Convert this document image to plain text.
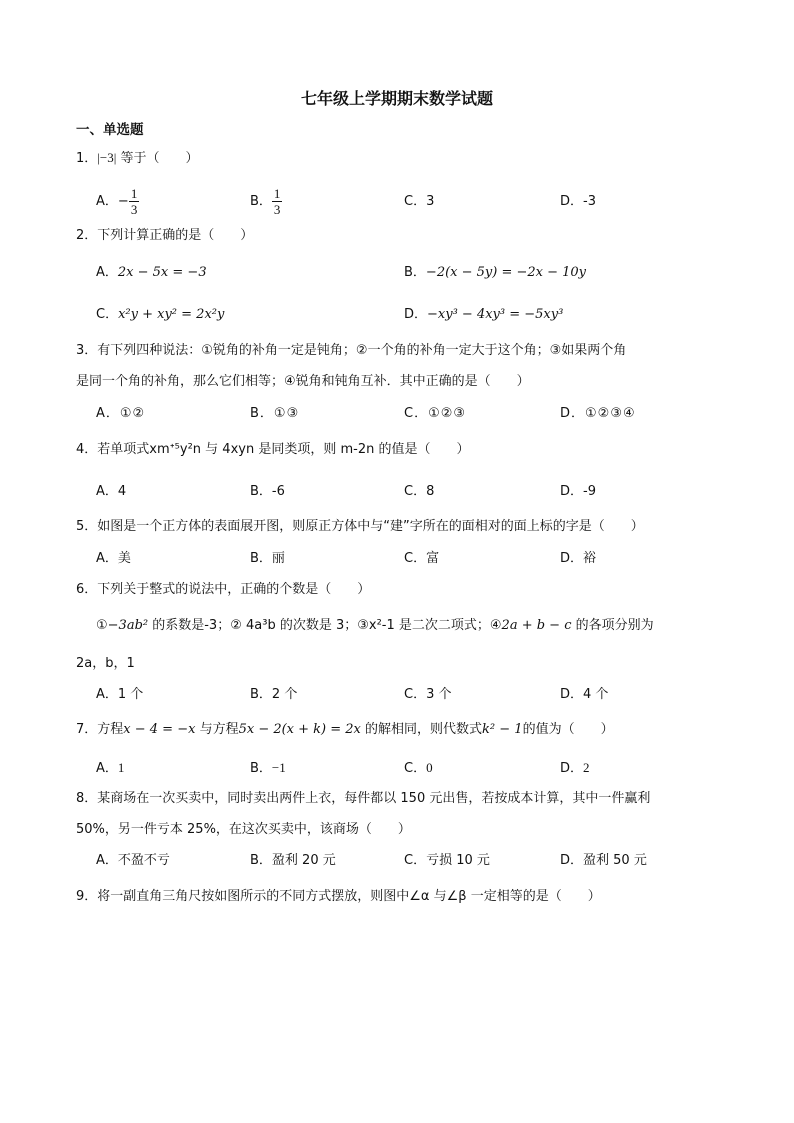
七年级上学期期末数学试题
一、单选题
1．|−3| 等于（　　）
A．− $\frac{1}{3}$	B． $\frac{1}{3}$	C．3	D．-3
2．下列计算正确的是（　　）
A．2x − 5x = −3	B．−2(x − 5y) = −2x − 10y
C．x²y + xy² = 2x²y	D．−xy³ − 4xy³ = −5xy³
3．有下列四种说法：①锐角的补角一定是钝角；②一个角的补角一定大于这个角；③如果两个角
是同一个角的补角，那么它们相等；④锐角和钝角互补．其中正确的是（　　）
A．①②	B．①③	C．①②③	D．①②③④
4．若单项式xmᐩ⁵y²n 与 4xyn 是同类项，则 m-2n 的值是（　　）
A．4	B．-6	C．8	D．-9
5．如图是一个正方体的表面展开图，则原正方体中与“建”字所在的面相对的面上标的字是（　　）
A．美	B．丽	C．富	D．裕
6．下列关于整式的说法中，正确的个数是（　　）
①−3ab² 的系数是-3；② 4a³b 的次数是 3；③x²-1 是二次二项式；④2a + b − c 的各项分别为
2a，b，1
A．1 个	B．2 个	C．3 个	D．4 个
7．方程x − 4 = −x 与方程5x − 2(x + k) = 2x 的解相同，则代数式k² − 1的值为（　　）
A．1	B．−1	C．0	D．2
8．某商场在一次买卖中，同时卖出两件上衣，每件都以 150 元出售，若按成本计算，其中一件赢利
50%，另一件亏本 25%，在这次买卖中，该商场（　　）
A．不盈不亏	B．盈利 20 元	C．亏损 10 元	D．盈利 50 元
9．将一副直角三角尺按如图所示的不同方式摆放，则图中∠α 与∠β 一定相等的是（　　）
